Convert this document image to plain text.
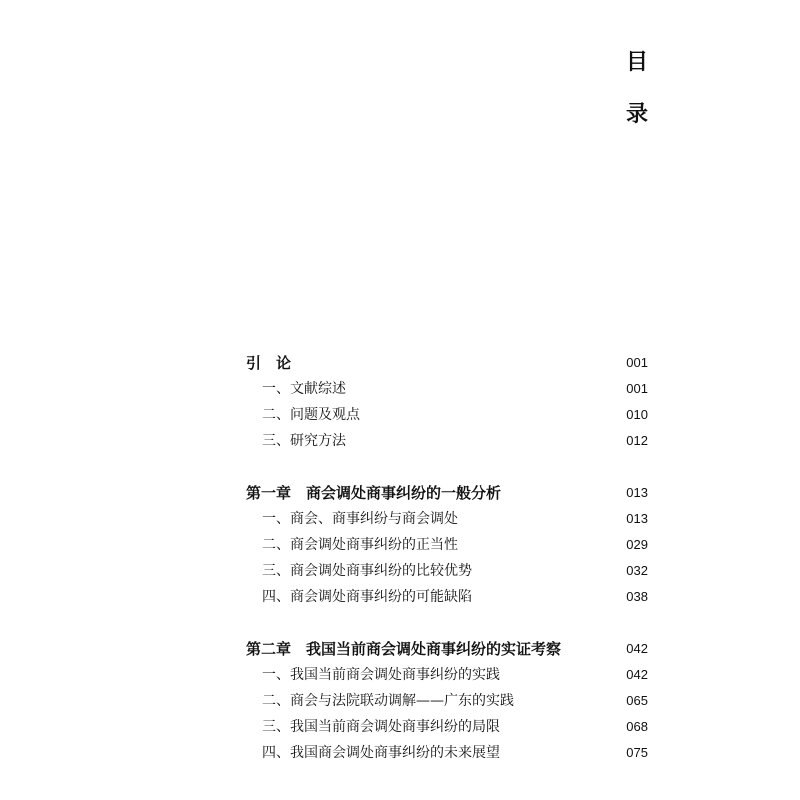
目
录
引　论	001
一、文献综述	001
二、问题及观点	010
三、研究方法	012
第一章　商会调处商事纠纷的一般分析	013
一、商会、商事纠纷与商会调处	013
二、商会调处商事纠纷的正当性	029
三、商会调处商事纠纷的比较优势	032
四、商会调处商事纠纷的可能缺陷	038
第二章　我国当前商会调处商事纠纷的实证考察	042
一、我国当前商会调处商事纠纷的实践	042
二、商会与法院联动调解——广东的实践	065
三、我国当前商会调处商事纠纷的局限	068
四、我国商会调处商事纠纷的未来展望	075
